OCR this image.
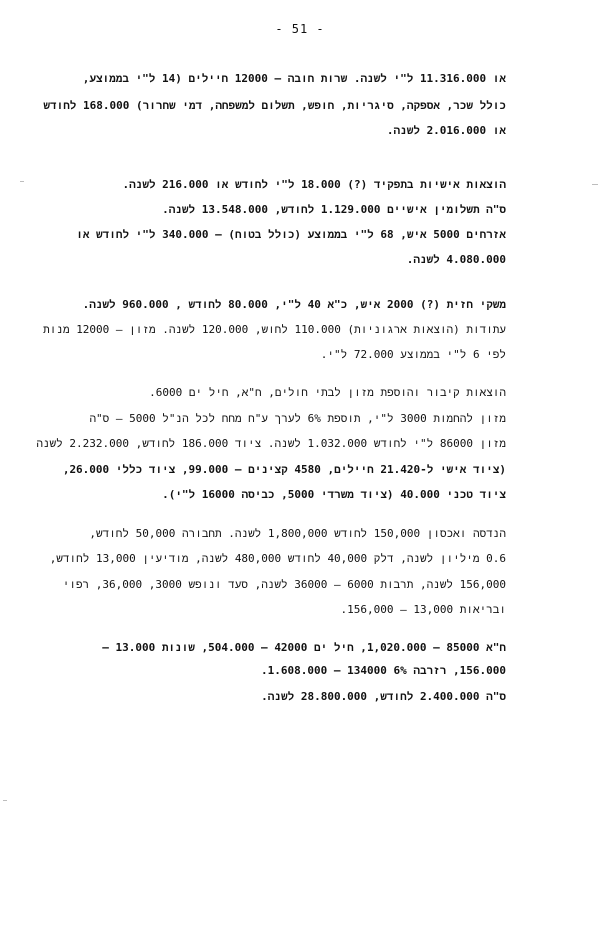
- 51 -
או 11.316.000 ל"י לשנה. שרות חובה – 12000 חיילים (14 ל"י בממוצע,
כולל שכר, אספקה, סיגריות, חופש, תשלום למשפחה, דמי שחרור) 168.000 לחודש
או 2.016.000 לשנה.
הוצאות אישיות בתפקיד (?) 18.000 ל"י לחודש או 216.000 לשנה.
ס"ה תשלומין אישיים 1.129.000 לחודש, 13.548.000 לשנה.
אזרחים 5000 איש, 68 ל"י בממוצע (כולל בטוח) – 340.000 ל"י לחודש או
4.080.000 לשנה.
משקי חזית (?) 2000 איש, כ"א 40 ל"י, 80.000 לחודש , 960.000 לשנה.
עתודות (הוצאות ארגוניות) 110.000 לחוש, 120.000 לשנה. מזון – 12000 מנות
לפי 6 ל"י בממוצע 72.000 ל"י.
הוצאות קיבור והוספת מזון לבתי חולים, ח"א, חיל ים 6000.
מזון להחמות 3000 ל"י, תוספת 6% לערך ע"ח מחח לכל הנ"ל 5000 – ס"ה
מזון 86000 ל"י לחודש 1.032.000 לשנה. ציוד 186.000 לחודש, 2.232.000 לשנה
(ציוד אישי ל-21.420 חיילים, 4580 קצינים – 99.000, ציוד כללי 26.000,
ציוד טכני 40.000 (ציוד משרדי 5000, כביסה 16000 ל"י).
הנדסה ואכסון 150,000 לחודש 1,800,000 לשנה. תחבורה 50,000 לחודש,
0.6 מיליון לשנה, דלק 40,000 לחודש 480,000 לשנה, מודיעין 13,000 לחודש,
156,000 לשנה, תרבות 6000 – 36000 לשנה, סעד ונופש 3000, 36,000, רפוי
ובריאות 13,000 – 156,000.
ח"א 85000 – 1,020.000, חיל ים 42000 – 504.000, שונות 13.000 –
156.000, רזרבה 6% 134000 – 1.608.000.
ס"ה 2.400.000 לחודש, 28.800.000 לשנה.
